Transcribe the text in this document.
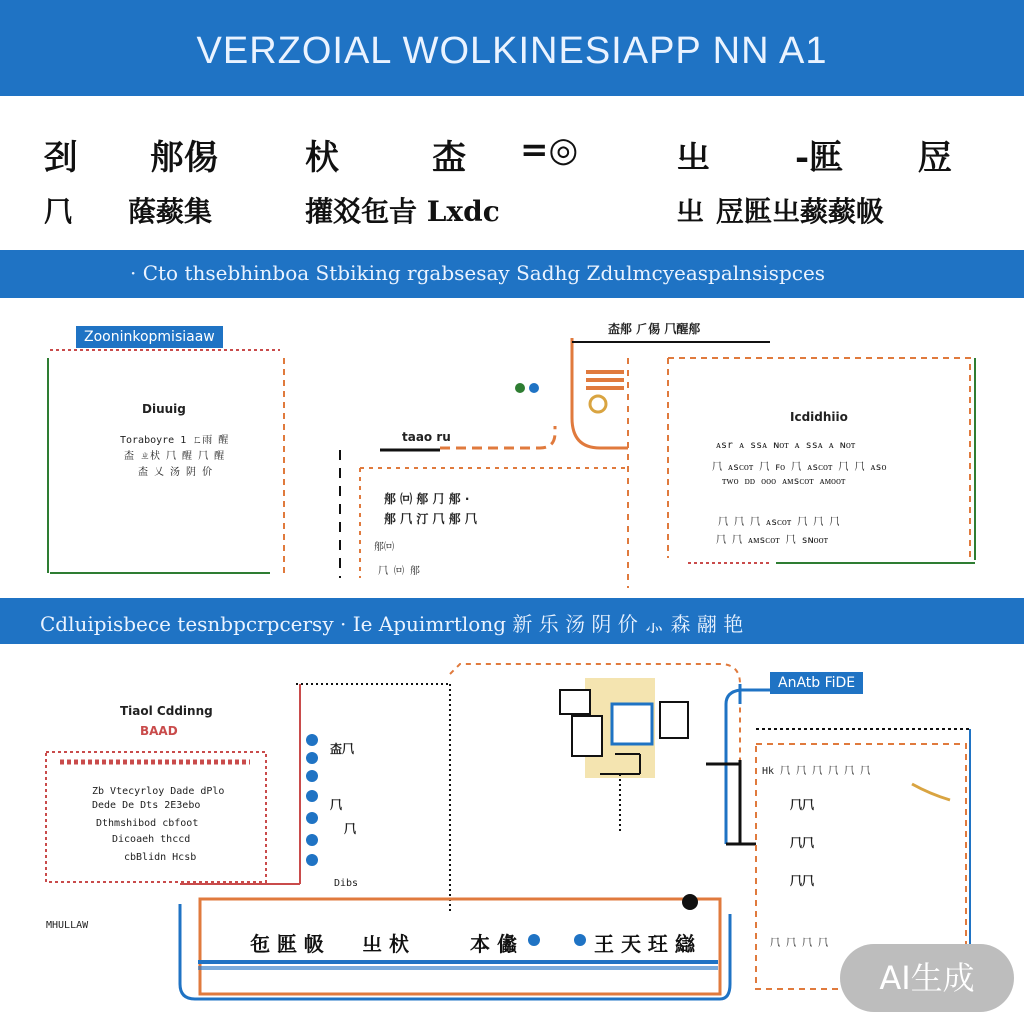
VERZOIAL WOLKINESIAPP NN A1
刭 郍㑥	枤	㭗 =◎	㞢	-匨 㞐
⺇ 䕃䕭集	㩲㸚㐌㫖 Lxdc	㞢 㞐匨㞢䕭䕭㠷
· Cto thsebhinboa Stbiking rgabsesay Sadhg Zdulmcyeaspalnsispces
Zooninkopmisiaaw
Diuuig
Toraboyre 1 ㄈ雨 醒
㭗 ㄓ枤 ⺇ 醒 ⺇ 醒
㭗 乂 汤 阴 价
taao ru
郍 ㈄ 郍 ⺆ 郍 ·
郍 ⺇ 汀 ⺇ 郍 ⺇
郍㈄
⺇ ㈄ 郍
㭗郍 ⺁㑥 ⺇醒郍
Icdidhiio
ᴀsr ᴀ ssᴀ ɴᴏᴛ ᴀ ssᴀ ᴀ ɴᴏᴛ
⺇ ᴀsᴄᴏᴛ ⺇ ꜰᴏ ⺇ ᴀsᴄᴏᴛ ⺇ ⺇ ᴀsᴏ
ᴛᴡᴏ ᴅᴅ ᴏᴏᴏ ᴀᴍsᴄᴏᴛ ᴀᴍᴏᴏᴛ
⺇ ⺇ ⺇ ᴀsᴄᴏᴛ ⺇ ⺇ ⺇
⺇ ⺇ ᴀᴍsᴄᴏᴛ ⺇ sɴᴏᴏᴛ
Cdluipisbece tesnbpcrpcersy · Ie Apuimrtlong 新 乐 汤 阴 价 ⺗ 森 翮 艳
Tiaol Cddinng
BAAD
Zb Vtecyrloy Dade dPlo
Dede De Dts 2E3ebo
Dthmshibod cbfoot
Dicoaeh thccd
cbBlidn Hcsb
MHULLAW
㭗⺇
⺇
⺇
Dibs
AnAtb FiDE
Hk ⺇ ⺇ ⺇ ⺇ ⺇ ⺇
⺇⺇
⺇⺇
⺇⺇
⺇ ⺇ ⺇ ⺇
㐌 匨 㠷 㞢 枤	本 㒩	王 天 玨 䜌
AI生成
